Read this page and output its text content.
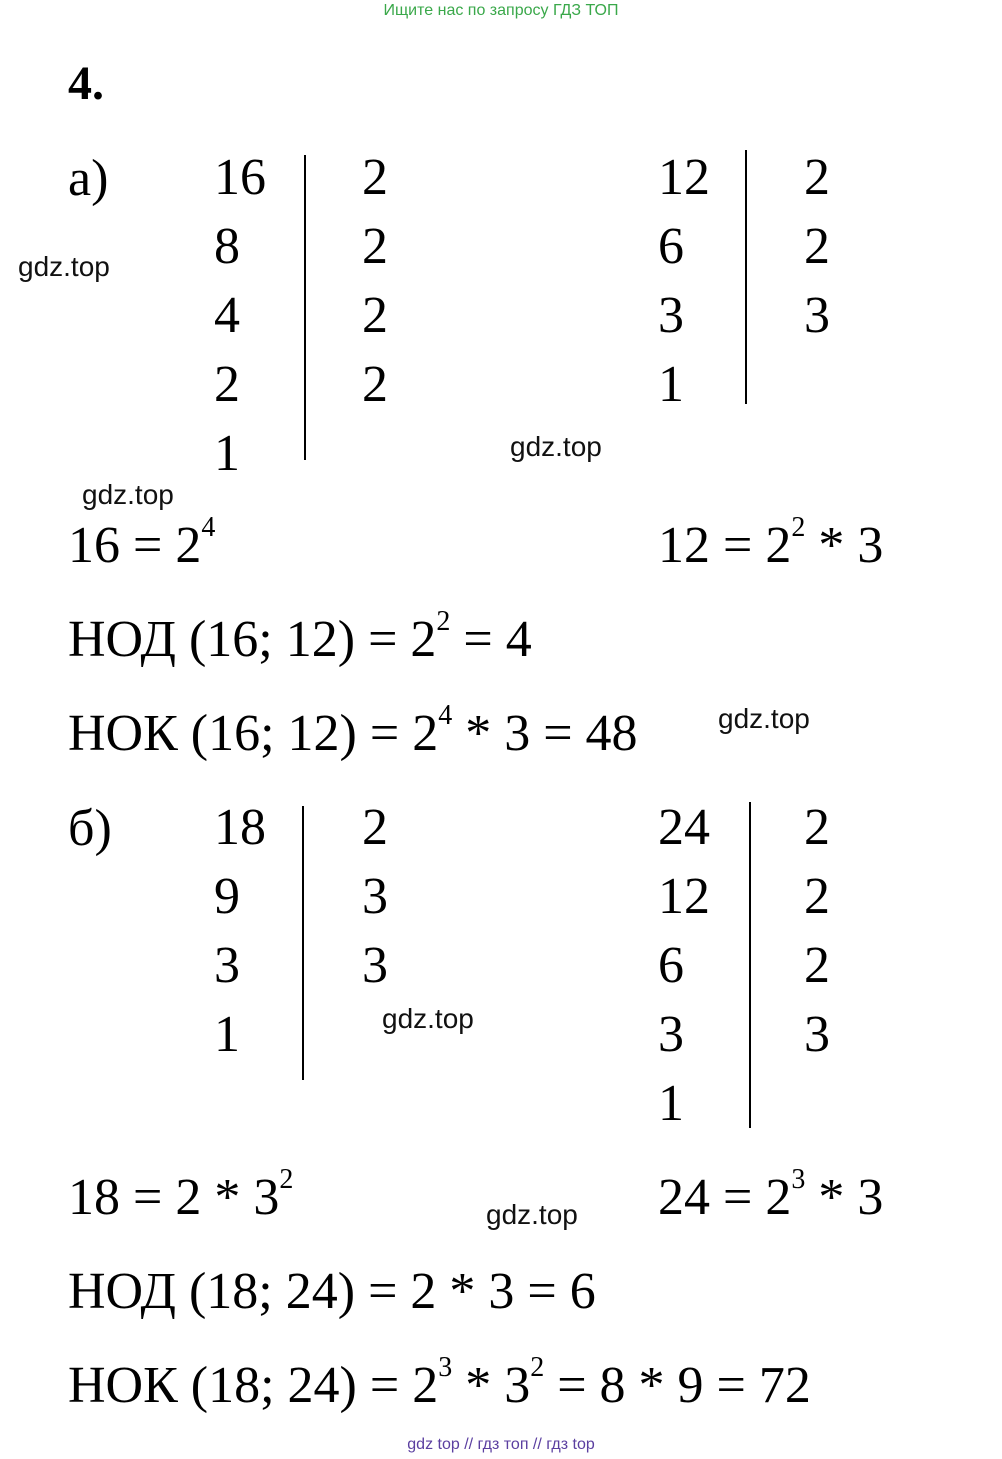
Ищите нас по запросу ГДЗ ТОП
4.
а) 16
8
4
2
1
2
2
2
2
12
6
3
1
2
2
3
$16 = 2^4$	$12 = 2^2 * 3$
НОД (16; $12) = 2^2 = 4$
НОК (16; $12) = 2^4 * 3 = 48$
б) 18
9
3
1
2
3
3
24
12
6
3
1
2
2
2
3
$18 = 2 * 3^2$	$24 = 2^3 * 3$
НОД (18; 24) = 2 * 3 = 6
НОК (18; $24) = 2^3 * 3^2 = 8 * 9 = 72$
gdz.top
gdz.top
gdz.top
gdz.top
gdz.top
gdz.top
gdz top // гдз топ // гдз top
